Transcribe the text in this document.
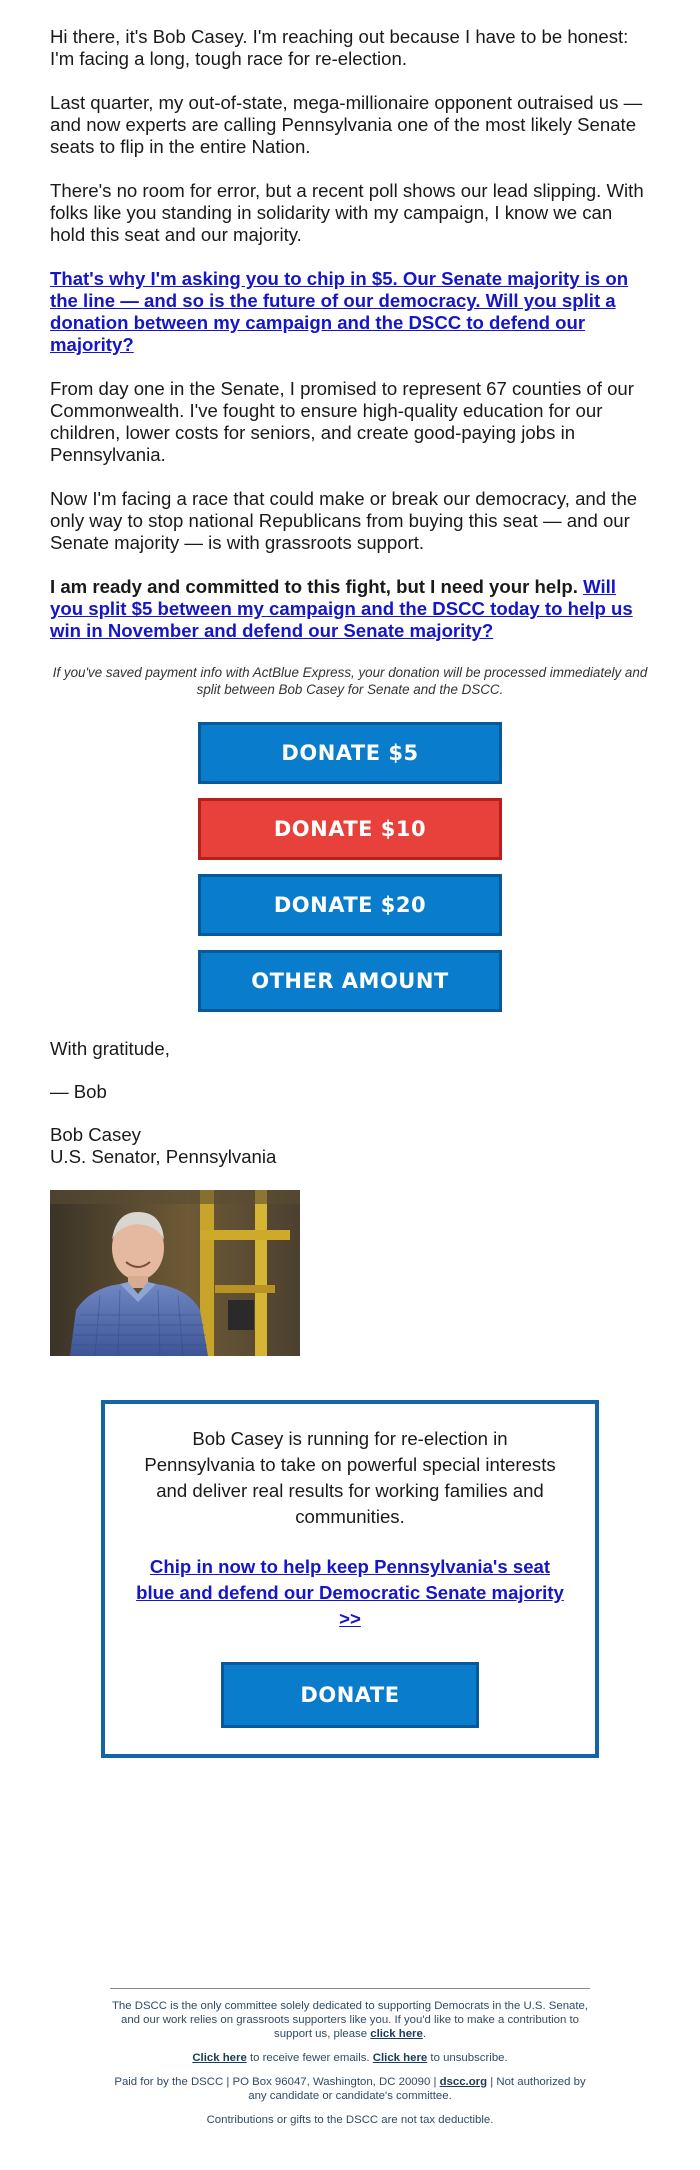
Hi there, it's Bob Casey. I'm reaching out because I have to be honest: I'm facing a long, tough race for re-election.

Last quarter, my out-of-state, mega-millionaire opponent outraised us — and now experts are calling Pennsylvania one of the most likely Senate seats to flip in the entire Nation.

There's no room for error, but a recent poll shows our lead slipping. With folks like you standing in solidarity with my campaign, I know we can hold this seat and our majority.

That's why I'm asking you to chip in $5. Our Senate majority is on the line — and so is the future of our democracy. Will you split a donation between my campaign and the DSCC to defend our majority?

From day one in the Senate, I promised to represent 67 counties of our Commonwealth. I've fought to ensure high-quality education for our children, lower costs for seniors, and create good-paying jobs in Pennsylvania.

Now I'm facing a race that could make or break our democracy, and the only way to stop national Republicans from buying this seat — and our Senate majority — is with grassroots support.

I am ready and committed to this fight, but I need your help. Will you split $5 between my campaign and the DSCC today to help us win in November and defend our Senate majority?

If you've saved payment info with ActBlue Express, your donation will be processed immediately and split between Bob Casey for Senate and the DSCC.

DONATE $5
DONATE $10
DONATE $20
OTHER AMOUNT

With gratitude,

— Bob

Bob Casey

U.S. Senator, Pennsylvania

Bob Casey is running for re-election in Pennsylvania to take on powerful special interests and deliver real results for working families and communities.

Chip in now to help keep Pennsylvania's seat blue and defend our Democratic Senate majority >>
DONATE

The DSCC is the only committee solely dedicated to supporting Democrats in the U.S. Senate, and our work relies on grassroots supporters like you. If you'd like to make a contribution to support us, please click here.

Click here to receive fewer emails. Click here to unsubscribe.

Paid for by the DSCC | PO Box 96047, Washington, DC 20090 | dscc.org | Not authorized by any candidate or candidate's committee.

Contributions or gifts to the DSCC are not tax deductible.
